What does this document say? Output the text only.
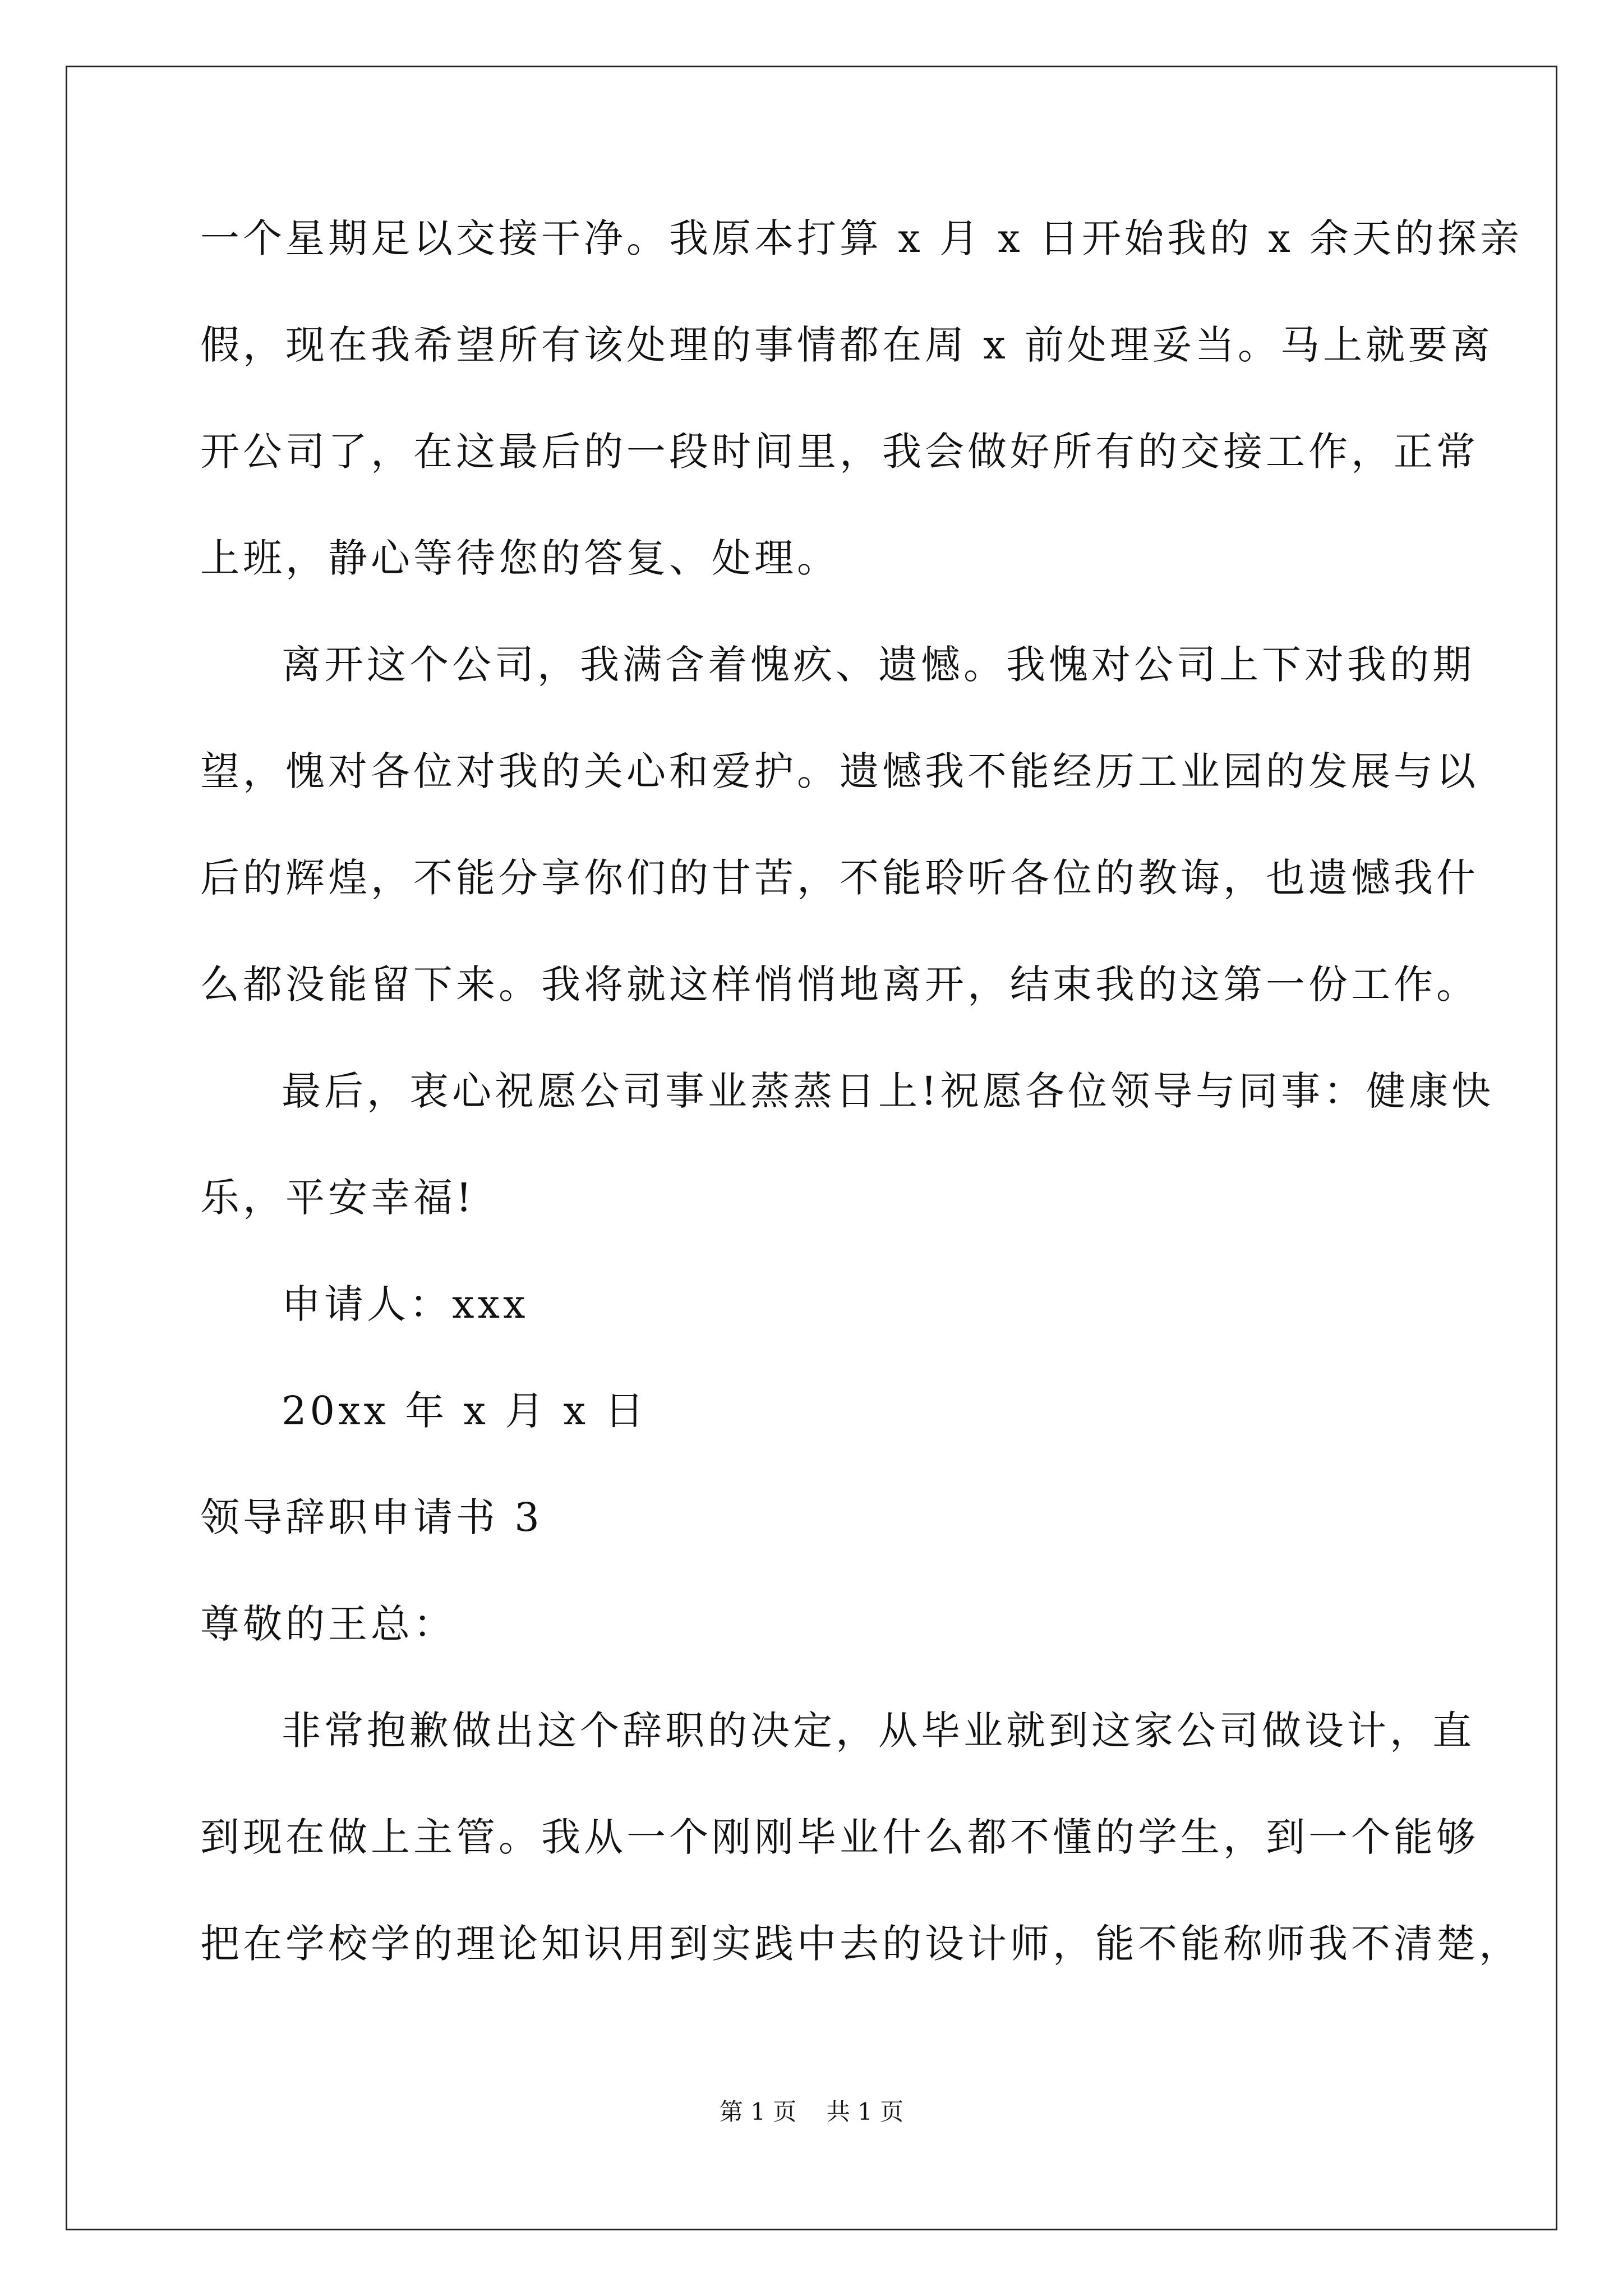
一个星期足以交接干净。我原本打算 x 月 x 日开始我的 x 余天的探亲
假，现在我希望所有该处理的事情都在周 x 前处理妥当。马上就要离
开公司了，在这最后的一段时间里，我会做好所有的交接工作，正常
上班，静心等待您的答复、处理。
离开这个公司，我满含着愧疚、遗憾。我愧对公司上下对我的期
望，愧对各位对我的关心和爱护。遗憾我不能经历工业园的发展与以
后的辉煌，不能分享你们的甘苦，不能聆听各位的教诲，也遗憾我什
么都没能留下来。我将就这样悄悄地离开，结束我的这第一份工作。
最后，衷心祝愿公司事业蒸蒸日上!祝愿各位领导与同事：健康快
乐，平安幸福!
申请人：xxx
20xx 年 x 月 x 日
领导辞职申请书 3
尊敬的王总：
非常抱歉做出这个辞职的决定，从毕业就到这家公司做设计，直
到现在做上主管。我从一个刚刚毕业什么都不懂的学生，到一个能够
把在学校学的理论知识用到实践中去的设计师，能不能称师我不清楚，
第 1 页    共 1 页
